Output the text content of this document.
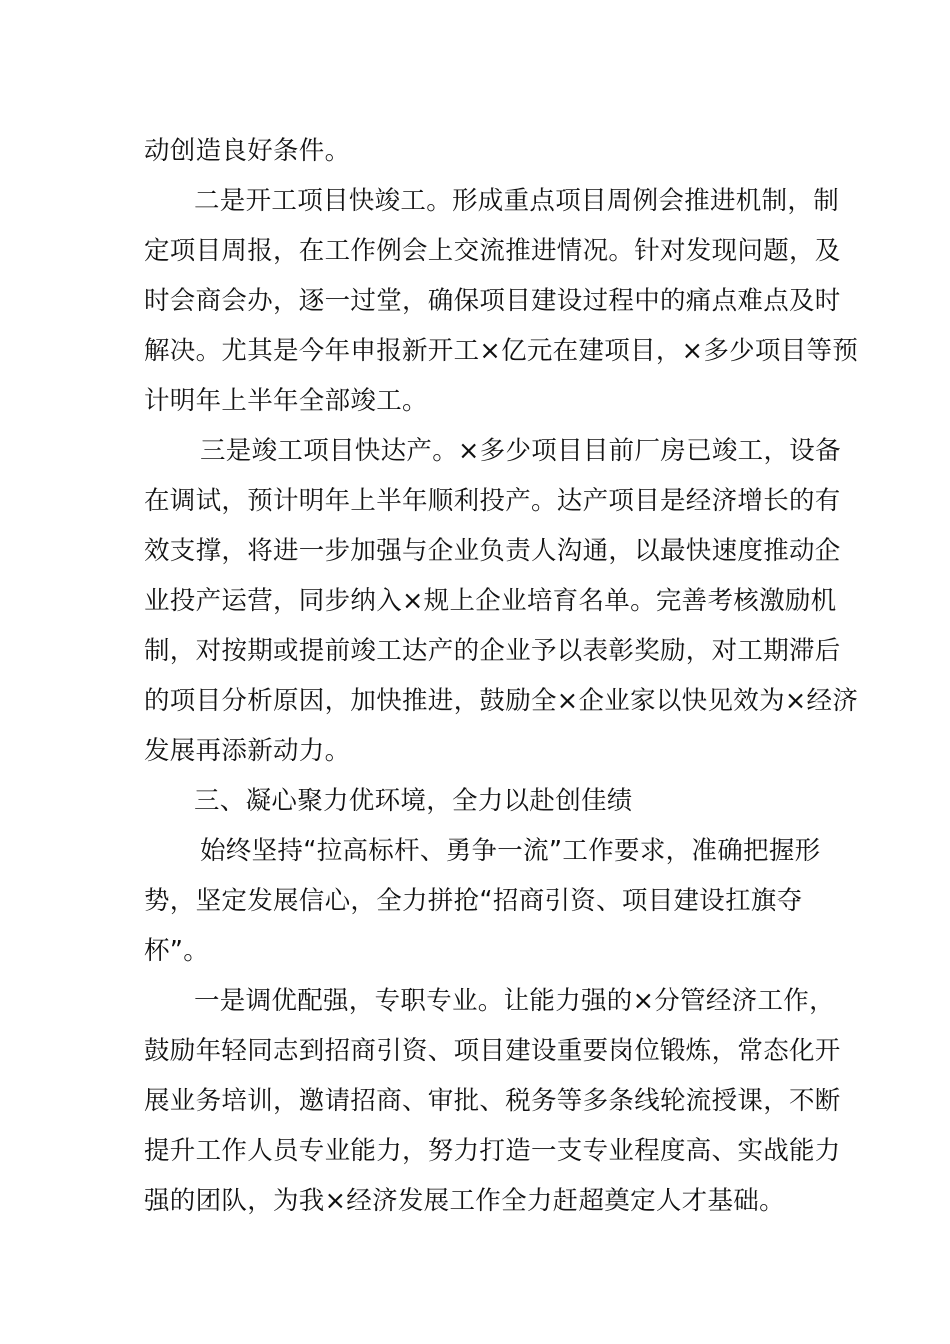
动创造良好条件。
二是开工项目快竣工。形成重点项目周例会推进机制，制
定项目周报，在工作例会上交流推进情况。针对发现问题，及
时会商会办，逐一过堂，确保项目建设过程中的痛点难点及时
解决。尤其是今年申报新开工×亿元在建项目，×多少项目等预
计明年上半年全部竣工。
三是竣工项目快达产。×多少项目目前厂房已竣工，设备
在调试，预计明年上半年顺利投产。达产项目是经济增长的有
效支撑，将进一步加强与企业负责人沟通，以最快速度推动企
业投产运营，同步纳入×规上企业培育名单。完善考核激励机
制，对按期或提前竣工达产的企业予以表彰奖励，对工期滞后
的项目分析原因，加快推进，鼓励全×企业家以快见效为×经济
发展再添新动力。
三、凝心聚力优环境，全力以赴创佳绩
始终坚持“拉高标杆、勇争一流”工作要求，准确把握形
势，坚定发展信心，全力拼抢“招商引资、项目建设扛旗夺
杯”。
一是调优配强，专职专业。让能力强的×分管经济工作，
鼓励年轻同志到招商引资、项目建设重要岗位锻炼，常态化开
展业务培训，邀请招商、审批、税务等多条线轮流授课，不断
提升工作人员专业能力，努力打造一支专业程度高、实战能力
强的团队，为我×经济发展工作全力赶超奠定人才基础。
